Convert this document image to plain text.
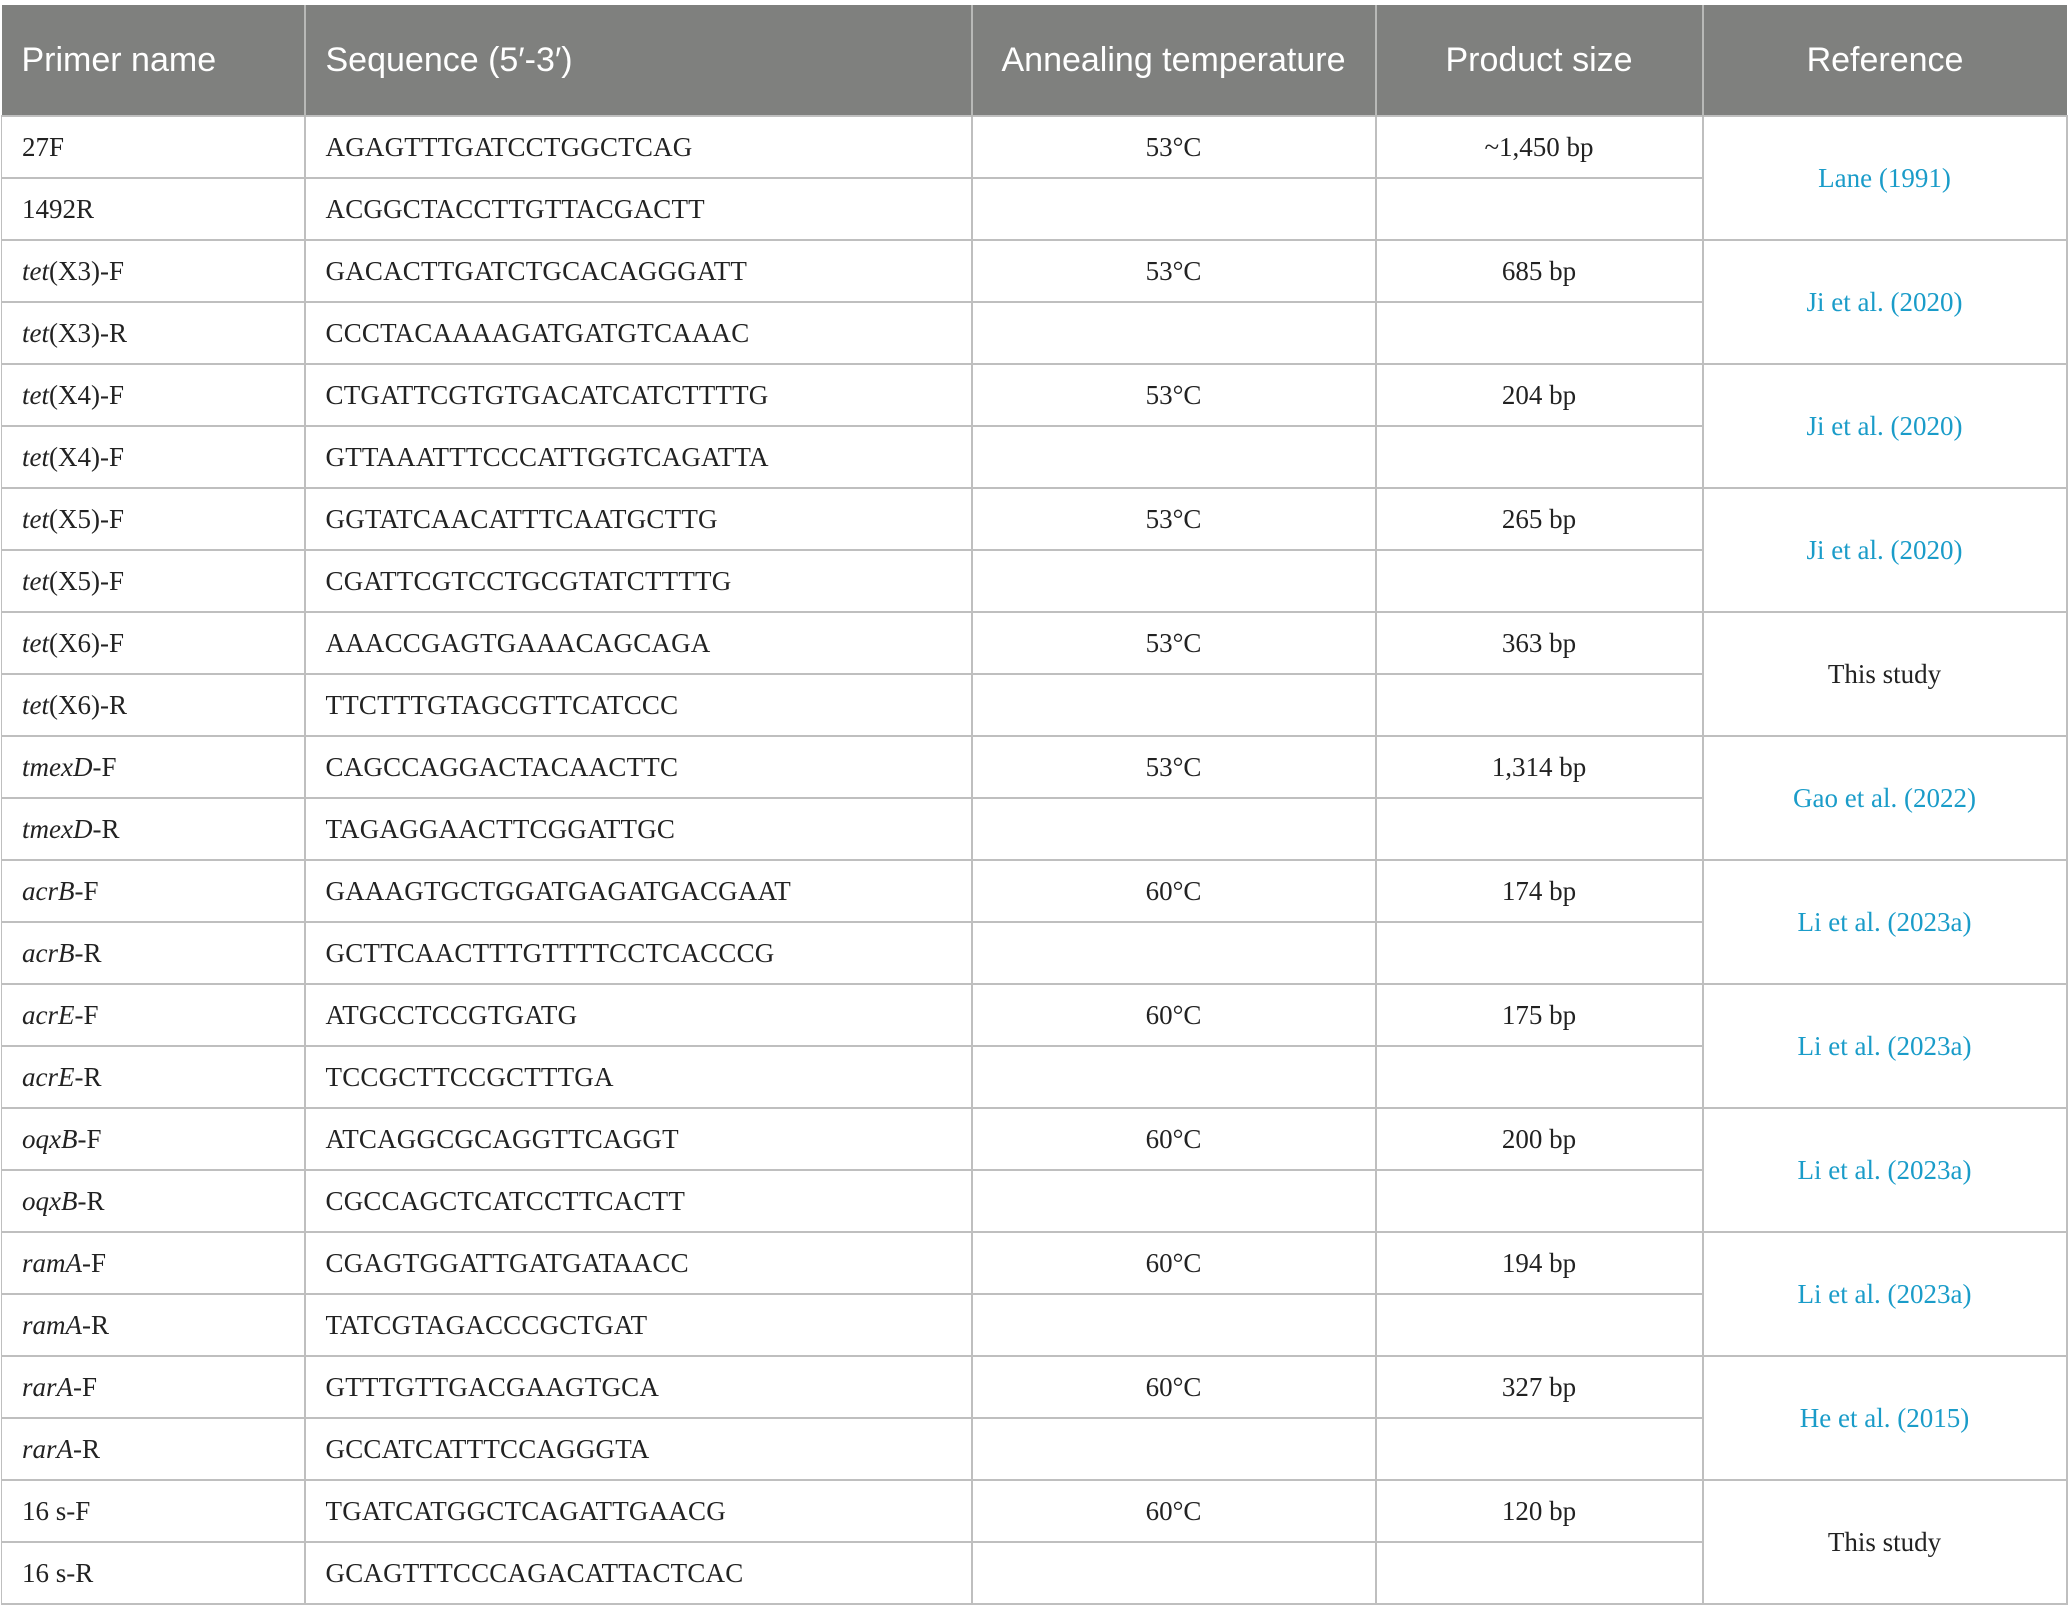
Primer name	Sequence (5′-3′)	Annealing temperature	Product size	Reference
27F	AGAGTTTGATCCTGGCTCAG	53°C	~1,450 bp	Lane (1991)
1492R	ACGGCTACCTTGTTACGACTT			
tet(X3)-F	GACACTTGATCTGCACAGGGATT	53°C	685 bp	Ji et al. (2020)
tet(X3)-R	CCCTACAAAAGATGATGTCAAAC			
tet(X4)-F	CTGATTCGTGTGACATCATCTTTTG	53°C	204 bp	Ji et al. (2020)
tet(X4)-F	GTTAAATTTCCCATTGGTCAGATTA			
tet(X5)-F	GGTATCAACATTTCAATGCTTG	53°C	265 bp	Ji et al. (2020)
tet(X5)-F	CGATTCGTCCTGCGTATCTTTTG			
tet(X6)-F	AAACCGAGTGAAACAGCAGA	53°C	363 bp	This study
tet(X6)-R	TTCTTTGTAGCGTTCATCCC			
tmexD-F	CAGCCAGGACTACAACTTC	53°C	1,314 bp	Gao et al. (2022)
tmexD-R	TAGAGGAACTTCGGATTGC			
acrB-F	GAAAGTGCTGGATGAGATGACGAAT	60°C	174 bp	Li et al. (2023a)
acrB-R	GCTTCAACTTTGTTTTCCTCACCCG			
acrE-F	ATGCCTCCGTGATG	60°C	175 bp	Li et al. (2023a)
acrE-R	TCCGCTTCCGCTTTGA			
oqxB-F	ATCAGGCGCAGGTTCAGGT	60°C	200 bp	Li et al. (2023a)
oqxB-R	CGCCAGCTCATCCTTCACTT			
ramA-F	CGAGTGGATTGATGATAACC	60°C	194 bp	Li et al. (2023a)
ramA-R	TATCGTAGACCCGCTGAT			
rarA-F	GTTTGTTGACGAAGTGCA	60°C	327 bp	He et al. (2015)
rarA-R	GCCATCATTTCCAGGGTA			
16 s-F	TGATCATGGCTCAGATTGAACG	60°C	120 bp	This study
16 s-R	GCAGTTTCCCAGACATTACTCAC			
